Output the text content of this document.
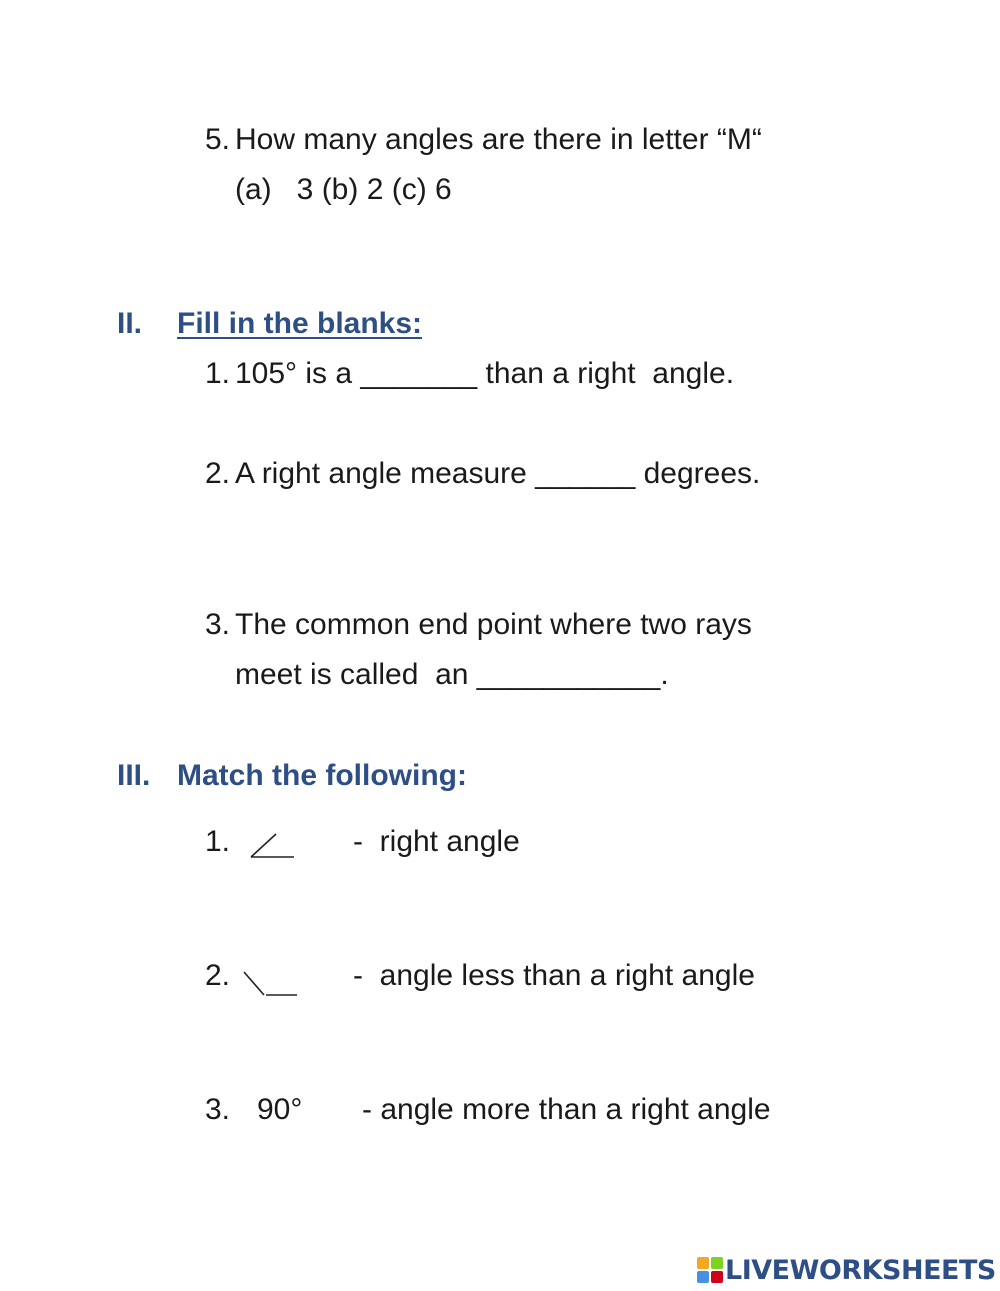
5. How many angles are there in letter “M“
(a)   3 (b) 2 (c) 6
II. Fill in the blanks:
1. 105° is a _______ than a right  angle.
2. A right angle measure ______ degrees.
3. The common end point where two rays
meet is called  an ___________.
III. Match the following:
1.	-  right angle
2.	-  angle less than a right angle
3. 90° - angle more than a right angle
LIVEWORKSHEETS
